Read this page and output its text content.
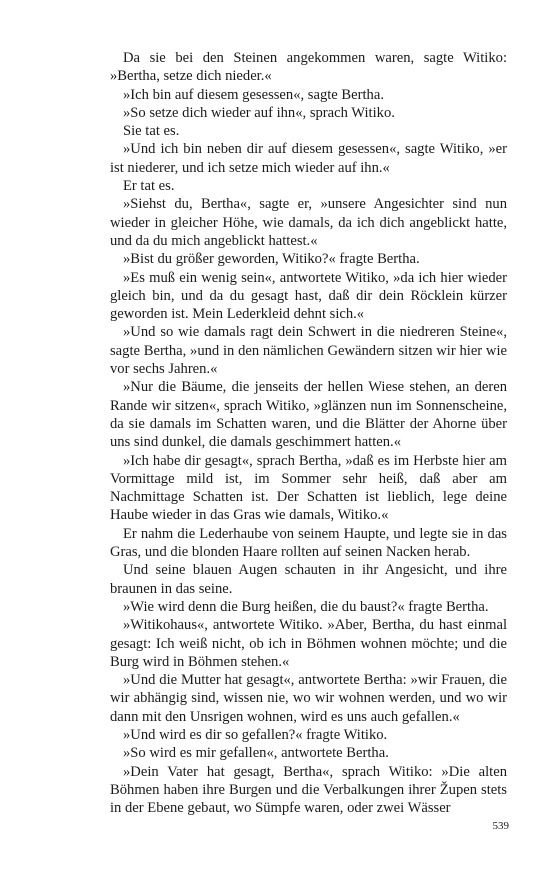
Da sie bei den Steinen angekommen waren, sagte Witiko: »Bertha, setze dich nieder.«

»Ich bin auf diesem gesessen«, sagte Bertha.

»So setze dich wieder auf ihn«, sprach Witiko.

Sie tat es.

»Und ich bin neben dir auf diesem gesessen«, sagte Witiko, »er ist niederer, und ich setze mich wieder auf ihn.«

Er tat es.

»Siehst du, Bertha«, sagte er, »unsere Angesichter sind nun wieder in gleicher Höhe, wie damals, da ich dich angeblickt hatte, und da du mich angeblickt hattest.«

»Bist du größer geworden, Witiko?« fragte Bertha.

»Es muß ein wenig sein«, antwortete Witiko, »da ich hier wieder gleich bin, und da du gesagt hast, daß dir dein Röcklein kürzer geworden ist. Mein Lederkleid dehnt sich.«

»Und so wie damals ragt dein Schwert in die niedreren Steine«, sagte Bertha, »und in den nämlichen Gewändern sitzen wir hier wie vor sechs Jahren.«

»Nur die Bäume, die jenseits der hellen Wiese stehen, an deren Rande wir sitzen«, sprach Witiko, »glänzen nun im Sonnenscheine, da sie damals im Schatten waren, und die Blätter der Ahorne über uns sind dunkel, die damals geschimmert hatten.«

»Ich habe dir gesagt«, sprach Bertha, »daß es im Herbste hier am Vormittage mild ist, im Sommer sehr heiß, daß aber am Nachmittage Schatten ist. Der Schatten ist lieblich, lege deine Haube wieder in das Gras wie damals, Witiko.«

Er nahm die Lederhaube von seinem Haupte, und legte sie in das Gras, und die blonden Haare rollten auf seinen Nacken herab.

Und seine blauen Augen schauten in ihr Angesicht, und ihre braunen in das seine.

»Wie wird denn die Burg heißen, die du baust?« fragte Bertha.

»Witikohaus«, antwortete Witiko. »Aber, Bertha, du hast einmal gesagt: Ich weiß nicht, ob ich in Böhmen wohnen möchte; und die Burg wird in Böhmen stehen.«

»Und die Mutter hat gesagt«, antwortete Bertha: »wir Frauen, die wir abhängig sind, wissen nie, wo wir wohnen werden, und wo wir dann mit den Unsrigen wohnen, wird es uns auch gefallen.«

»Und wird es dir so gefallen?« fragte Witiko.

»So wird es mir gefallen«, antwortete Bertha.

»Dein Vater hat gesagt, Bertha«, sprach Witiko: »Die alten Böhmen haben ihre Burgen und die Verbalkungen ihrer Župen stets in der Ebene gebaut, wo Sümpfe waren, oder zwei Wässer

539
